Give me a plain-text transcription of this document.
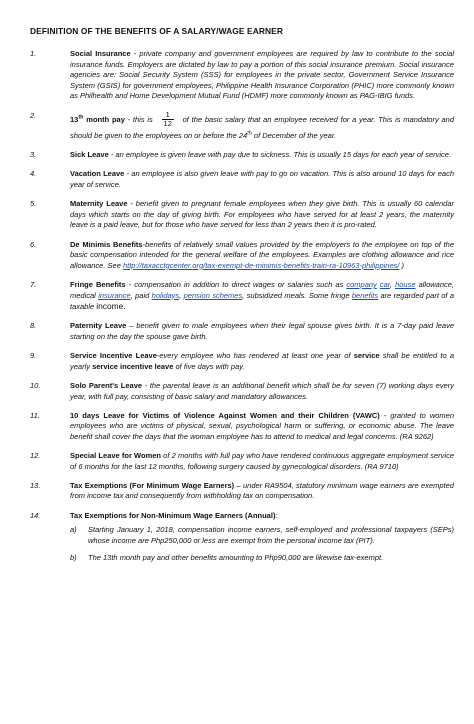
DEFINITION OF THE BENEFITS OF A SALARY/WAGE EARNER
1.	Social Insurance - private company and government employees are required by law to contribute to the social insurance funds. Employers are dictated by law to pay a portion of this social insurance premium. Social insurance agencies are: Social Security System (SSS) for employees in the private sector, Government Service Insurance System (GSIS) for government employees, Philippine Health Insurance Corporation (PHIC) more commonly known as Philhealth and Home Development Mutual Fund (HDMF) more commonly known as PAG-IBIG funds.
2.	13th month pay - this is $\frac{1}{12}$ of the basic salary that an employee received for a year. This is mandatory and should be given to the employees on or before the 24th of December of the year.
3.	Sick Leave - an employee is given leave with pay due to sickness. This is usually 15 days for each year of service.
4.	Vacation Leave - an employee is also given leave with pay to go on vacation. This is also around 10 days for each year of service.
5.	Maternity Leave - benefit given to pregnant female employees when they give birth. This is usually 60 calendar days which starts on the day of giving birth. For employees who have served for at least 2 years, the maternity leave is a paid leave, but for those who have served for less than 2 years then it is pro-rated.
6.	De Minimis Benefits-benefits of relatively small values provided by the employers to the employee on top of the basic compensation intended for the general welfare of the employees. Examples are clothing allowance and rice allowance. See http://taxacctgcenter.org/tax-exempt-de-minimis-benefits-train-ra-10963-philippines/ )
7.	Fringe Benefits - compensation in addition to direct wages or salaries such as company car, house allowance, medical insurance, paid holidays, pension schemes, subsidized meals. Some fringe benefits are regarded part of a taxable income.
8.	Paternity Leave – benefit given to male employees when their legal spouse gives birth. It is a 7-day paid leave starting on the day the spouse gave birth.
9.	Service Incentive Leave-every employee who has rendered at least one year of service shall be entitled to a yearly service incentive leave of five days with pay.
10.	Solo Parent's Leave - the parental leave is an additional benefit which shall be for seven (7) working days every year, with full pay, consisting of basic salary and mandatory allowances.
11.	10 days Leave for Victims of Violence Against Women and their Children (VAWC) - granted to women employees who are victims of physical, sexual, psychological harm or suffering, or economic abuse. The leave benefit shall cover the days that the woman employee has to attend to medical and legal concerns. (RA 9262)
12.	Special Leave for Women of 2 months with full pay who have rendered continuous aggregate employment service of 6 months for the last 12 months, following surgery caused by gynecological disorders. (RA 9710)
13.	Tax Exemptions (For Minimum Wage Earners) – under RA9504, statutory minimum wage earners are exempted from income tax and consequently from withholding tax on compensation.
14.	Tax Exemptions for Non-Minimum Wage Earners (Annual):
a) Starting January 1, 2018, compensation income earners, self-employed and professional taxpayers (SEPs) whose income are Php250,000 or less are exempt from the personal income tax (PIT).
b) The 13th month pay and other benefits amounting to Php90,000 are likewise tax-exempt.
